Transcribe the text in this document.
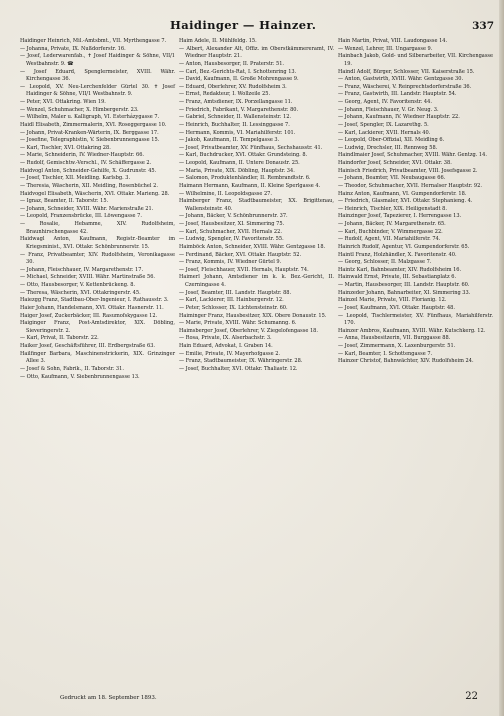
Haidinger — Hainzer.	337

Haidinger Heinrich, Mil.-Amtsbmt., VII. Myrthengasse 7.

— Johanna, Private, IX. Nußdorferstr. 16.

— Josef, Lederwarenfab., ✝ Josef Haidinger & Söhne, VII/1 Westbahnstr. 9. ☎

— Josef Eduard, Spenglermeister, XVIII. Währ. Kirchengasse 36.

— Leopold, XV. Neu-Lerchenfelder Gürtel 30. ✝ Josef Haidinger & Söhne, VII/1 Westbahnstr. 9.

— Peter, XVI. Ottakring. Wien 19.

— Wenzel, Schuhmacher, X. Himbergerstr. 23.

— Wilhelm, Maler u. Kalligraph, VI. Esterházygasse 7.

Haidl Elisabeth, Zimmermalerin, XVI. Roseggergasse 10.

— Johann, Privat-Kranken-Wärterin, IX. Berggasse 17.

— Josefine, Telegraphistin, V. Siebenbrunnengasse 15.

— Karl, Tischler, XVI. Ottakring 28.

— Marie, Schneiderin, IV. Wiedner-Hauptstr. 66.

— Rudolf, Gemischtw.-Verschl., IV. Schäffergasse 2.

Haidvogl Anton, Schneider-Gehilfe, X. Gudrunstr. 45.

— Josef, Tischler, XII. Meidling. Karlsbg. 3.

— Theresia, Wäscherin, XII. Meidling, Rosenbüchel 2.

Haidvogel Elisabeth, Wäscherin, XVI. Ottakr. Marieng. 28.

— Ignaz, Beamter, II. Taborstr. 15.

— Johann, Schneider, XVIII. Währ. Marienstraße 21.

— Leopold, Franzensbrücke, III. Löwengasse 7.

— Rosalie, Hebamme, XIV. Rudolfsheim, Braunhirschengasse 42.

Haidwagl Anton, Kaufmann, Registr.-Beamter im Kriegsminist., XVI. Ottakr. Schönbrunnerstr. 15.

— Franz, Privatbeamter, XIV. Rudolfsheim, Veronikagasse 30.

— Johann, Fleischhauer, IV. Margarethenstr. 17.

— Michael, Schneider, XVIII. Währ. Martinstraße 56.

— Otto, Hausbesorger, V. Kettenbrückeng. 8.

— Theresa, Wäscherin, XVI. Ottakringerstr. 45.

Haiezgg Franz, Stadtbau-Ober-Ingenieur, I. Rathausstr. 3.

Haier Johann, Handelsmann, XVI. Ottakr. Hasnerstr. 11.

Haiger Josef, Zuckerbäcker, III. Rasumofskygasse 12.

Haiginger Franz, Post-Amtsdirektor, XIX. Döbling, Sieveringerstr. 2.

— Karl, Privat, II. Taborstr. 22.

Haiker Josef, Geschäftsführer, III. Erdbergstraße 63.

Hailfinger Barbara, Maschinenstrickerin, XIX. Grinzinger Allee 3.

— Josef & Sohn, Fabrik., II. Taborstr. 31.

— Otto, Kaufmann, V. Siebenbrunnengasse 13.

Haim Adele, II. Mühlfeldg. 15.

— Albert, Alexander Alt, Offiz. im Oberstkämmereramt, IV. Wiedner Hauptstr. 21.

— Anton, Hausbesorger, II. Praterstr. 51.

— Carl, Bez.-Gerichts-Rat, I. Schottenring 13.

— David, Kaufmann, II. Große Mohrengasse 9.

— Eduard, Oberlehrer, XV. Rudolfsheim 3.

— Ernst, Redakteur, I. Wollzeile 25.

— Franz, Amtsdiener, IX. Porzellangasse 11.

— Friedrich, Fabrikant, V. Margarethenstr. 80.

— Gabriel, Schneider, II. Wallensteinstr. 12.

— Heinrich, Buchhalter, II. Lessinggasse 7.

— Hermann, Kommis, VI. Mariahilferstr. 101.

— Jakob, Kaufmann, II. Tempelgasse 3.

— Josef, Privatbeamter, XV. Fünfhaus, Sechshausstr. 41.

— Karl, Buchdrucker, XVI. Ottakr. Grundsteing. 8.

— Leopold, Kaufmann, II. Untere Donaustr. 25.

— Maria, Private, XIX. Döbling, Hauptstr. 34.

— Salomon, Produktenhändler, II. Rembrandtstr. 6.

Haimann Hermann, Kaufmann, II. Kleine Sperlgasse 4.

— Wilhelmine, II. Leopoldsgasse 27.

Haimberger Franz, Stadtbaumeister, XX. Brigittenau, Wallensteinstr. 40.

— Johann, Bäcker, V. Schönbrunnerstr. 37.

— Josef, Hausbesitzer, XI. Simmering 75.

— Karl, Schuhmacher, XVII. Hernals 22.

— Ludwig, Spengler, IV. Favoritenstr. 55.

Haimböck Anton, Schneider, XVIII. Währ. Gentzgasse 18.

— Ferdinand, Bäcker, XVI. Ottakr. Hauptstr. 52.

— Franz, Kommis, IV. Wiedner Gürtel 9.

— Josef, Fleischhauer, XVII. Hernals, Hauptstr. 74.

Haimerl Johann, Amtsdiener im k. k. Bez.-Gericht, II. Czerningasse 4.

— Josef, Beamter, III. Landstr. Hauptstr. 88.

— Karl, Lackierer, III. Hainburgerstr. 12.

— Peter, Schlosser, IX. Lichtensteinstr. 60.

Haiminger Franz, Hausbesitzer, XIX. Obere Donaustr. 15.

— Marie, Private, XVIII. Währ. Schumanng. 6.

Haimsberger Josef, Oberlehrer, V. Ziegelofengasse 18.

— Rosa, Private, IX. Alserbachstr. 3.

Hain Eduard, Advokat, I. Graben 14.

— Emilie, Private, IV. Mayerhofgasse 2.

— Franz, Stadtbaumeister, IX. Währingerstr. 28.

— Josef, Buchhalter, XVI. Ottakr. Thaliastr. 12.

Hain Martin, Privat, VIII. Laudongasse 14.

— Wenzel, Lehrer, III. Ungargasse 9.

Hainbach Jakob, Gold- und Silberarbeiter, VII. Kirchengasse 19.

Haindl Adolf, Bürger, Schlosser, VII. Kaiserstraße 15.

— Anton, Gastwirth, XVIII. Währ. Gentzgasse 30.

— Franz, Wäscherei, V. Reinprechtsdorferstraße 36.

— Franz, Gastwirth, III. Landstr. Hauptstr. 54.

— Georg, Agent, IV. Favoritenstr. 44.

— Johann, Fleischhauer, V. Gr. Neug. 3.

— Johann, Kaufmann, IV. Wiedner Hauptstr. 22.

— Josef, Spengler, IX. Lazarethg. 5.

— Karl, Lackierer, XVII. Hernals 40.

— Leopold, Ober-Offizial, XII. Meidling 6.

— Ludwig, Drechsler, III. Rennweg 58.

Haindlmaier Josef, Schuhmacher, XVIII. Währ. Gentzg. 14.

Haindorfer Josef, Schneider, XVI. Ottakr. 38.

Hainisch Friedrich, Privatbeamter, VIII. Josefsgasse 2.

— Johann, Beamter, VII. Neubaugasse 66.

— Theodor, Schuhmacher, XVII. Hernalser Hauptstr. 92.

Hainz Anton, Kaufmann, VI. Gumpendorferstr. 18.

— Friedrich, Glasmaler, XVI. Ottakr. Stephanieng. 4.

— Heinrich, Tischler, XIX. Heiligenstadt 8.

Hainzinger Josef, Tapezierer, I. Herrengasse 13.

— Johann, Bäcker, IV. Margarethenstr. 65.

— Karl, Buchbinder, V. Wimmergasse 22.

— Rudolf, Agent, VII. Mariahilferstr. 74.

Hainrich Rudolf, Agentur, VI. Gumpendorferstr. 65.

Haintl Franz, Holzhändler, X. Favoritenstr. 40.

— Georg, Schlosser, II. Malzgasse 7.

Haintz Karl, Bahnbeamter, XIV. Rudolfsheim 16.

Hainwald Ernst, Private, III. Sebastianplatz 6.

— Martin, Hausbesorger, III. Landstr. Hauptstr. 60.

Hainzeder Johann, Bahnarbeiter, XI. Simmering 33.

Hainzel Marie, Private, VIII. Florianig. 12.

— Josef, Kaufmann, XVI. Ottakr. Hauptstr. 48.

— Leopold, Tischlermeister, XV. Fünfhaus, Mariahilferstr. 170.

Hainzer Ambros, Kaufmann, XVIII. Währ. Kutschkerg. 12.

— Anna, Hausbesitzerin, VII. Burggasse 88.

— Josef, Zimmermann, X. Laxenburgerstr. 51.

— Karl, Beamter, I. Schottengasse 7.

Hainzer Christof, Bahnwächter, XIV. Rudolfsheim 24.

Gedruckt am 18. September 1893.	22
